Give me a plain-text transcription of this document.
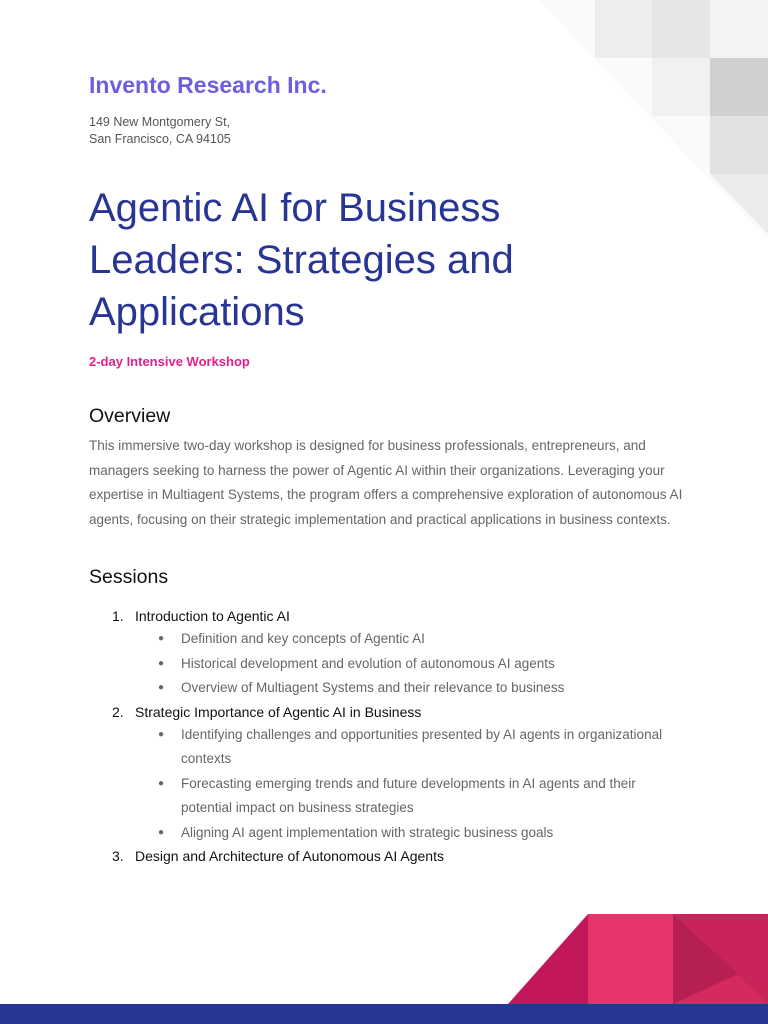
Invento Research Inc.
149 New Montgomery St,
San Francisco, CA 94105
Agentic AI for Business Leaders: Strategies and Applications
2-day Intensive Workshop
Overview
This immersive two-day workshop is designed for business professionals, entrepreneurs, and managers seeking to harness the power of Agentic AI within their organizations. Leveraging your expertise in Multiagent Systems, the program offers a comprehensive exploration of autonomous AI agents, focusing on their strategic implementation and practical applications in business contexts.
Sessions
1. Introduction to Agentic AI
● Definition and key concepts of Agentic AI
● Historical development and evolution of autonomous AI agents
● Overview of Multiagent Systems and their relevance to business
2. Strategic Importance of Agentic AI in Business
● Identifying challenges and opportunities presented by AI agents in organizational contexts
● Forecasting emerging trends and future developments in AI agents and their potential impact on business strategies
● Aligning AI agent implementation with strategic business goals
3. Design and Architecture of Autonomous AI Agents
